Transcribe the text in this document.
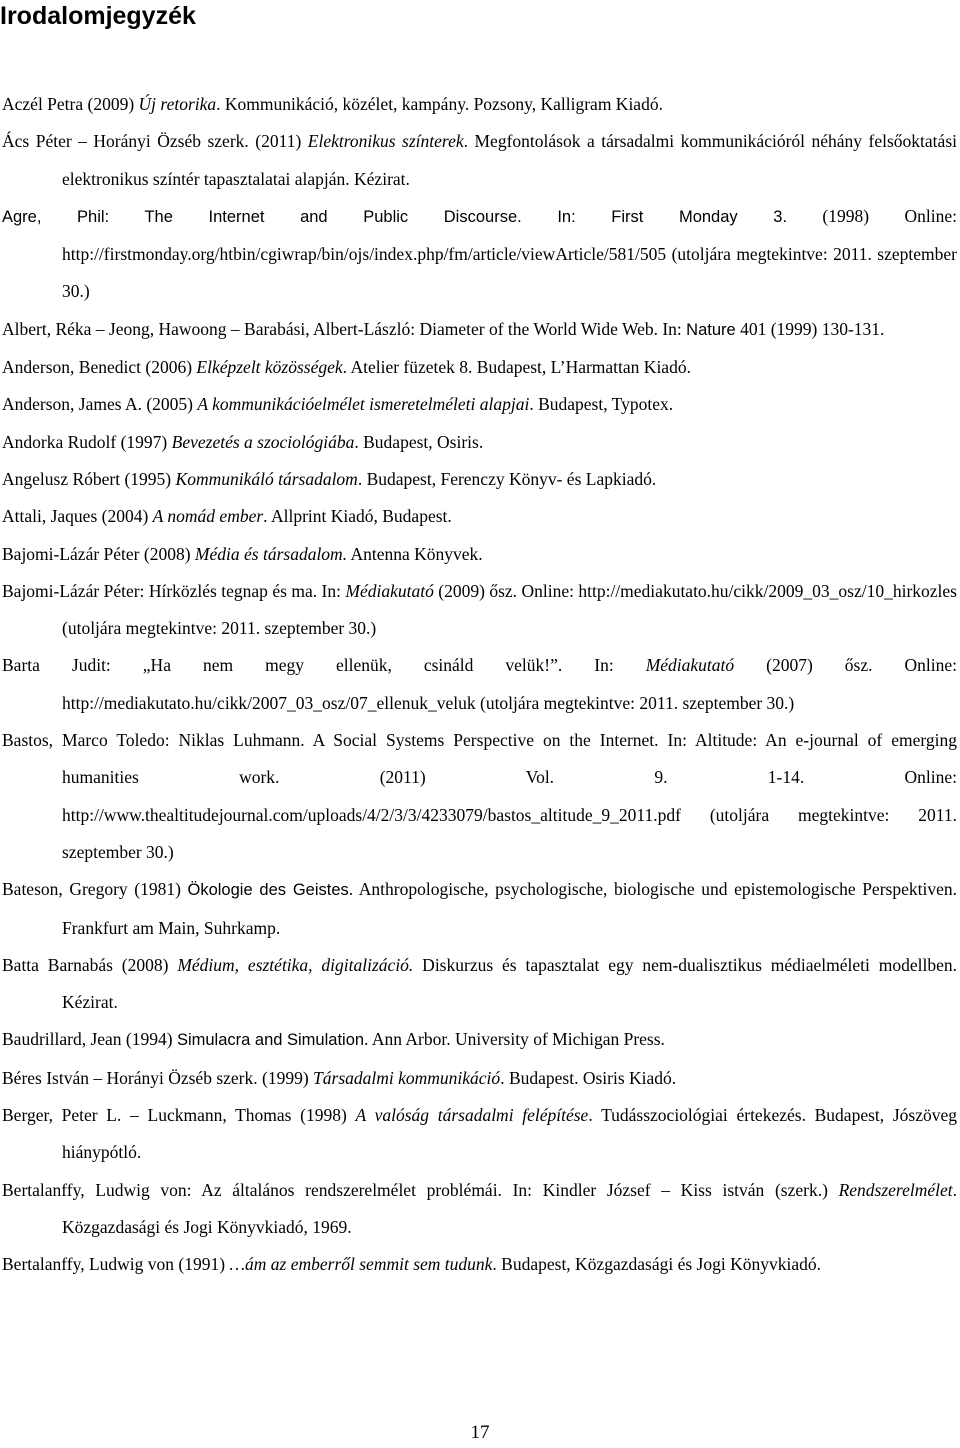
Irodalomjegyzék
Aczél Petra (2009) Új retorika. Kommunikáció, közélet, kampány. Pozsony, Kalligram Kiadó.
Ács Péter – Horányi Özséb szerk. (2011) Elektronikus színterek. Megfontolások a társadalmi kommunikációról néhány felsőoktatási elektronikus színtér tapasztalatai alapján. Kézirat.
Agre, Phil: The Internet and Public Discourse. In: First Monday 3. (1998) Online: http://firstmonday.org/htbin/cgiwrap/bin/ojs/index.php/fm/article/viewArticle/581/505 (utoljára megtekintve: 2011. szeptember 30.)
Albert, Réka – Jeong, Hawoong – Barabási, Albert-László: Diameter of the World Wide Web. In: Nature 401 (1999) 130-131.
Anderson, Benedict (2006) Elképzelt közösségek. Atelier füzetek 8. Budapest, L’Harmattan Kiadó.
Anderson, James A. (2005) A kommunikációelmélet ismeretelméleti alapjai. Budapest, Typotex.
Andorka Rudolf (1997) Bevezetés a szociológiába. Budapest, Osiris.
Angelusz Róbert (1995) Kommunikáló társadalom. Budapest, Ferenczy Könyv- és Lapkiadó.
Attali, Jaques (2004) A nomád ember. Allprint Kiadó, Budapest.
Bajomi-Lázár Péter (2008) Média és társadalom. Antenna Könyvek.
Bajomi-Lázár Péter: Hírközlés tegnap és ma. In: Médiakutató (2009) ősz. Online: http://mediakutato.hu/cikk/2009_03_osz/10_hirkozles (utoljára megtekintve: 2011. szeptember 30.)
Barta Judit: „Ha nem megy ellenük, csináld velük!”. In: Médiakutató (2007) ősz. Online: http://mediakutato.hu/cikk/2007_03_osz/07_ellenuk_veluk (utoljára megtekintve: 2011. szeptember 30.)
Bastos, Marco Toledo: Niklas Luhmann. A Social Systems Perspective on the Internet. In: Altitude: An e-journal of emerging humanities work. (2011) Vol. 9. 1-14. Online: http://www.thealtitudejournal.com/uploads/4/2/3/3/4233079/bastos_altitude_9_2011.pdf (utoljára megtekintve: 2011. szeptember 30.)
Bateson, Gregory (1981) Ökologie des Geistes. Anthropologische, psychologische, biologische und epistemologische Perspektiven. Frankfurt am Main, Suhrkamp.
Batta Barnabás (2008) Médium, esztétika, digitalizáció. Diskurzus és tapasztalat egy nem-dualisztikus médiaelméleti modellben. Kézirat.
Baudrillard, Jean (1994) Simulacra and Simulation. Ann Arbor. University of Michigan Press.
Béres István – Horányi Özséb szerk. (1999) Társadalmi kommunikáció. Budapest. Osiris Kiadó.
Berger, Peter L. – Luckmann, Thomas (1998) A valóság társadalmi felépítése. Tudásszociológiai értekezés. Budapest, Jószöveg hiánypótló.
Bertalanffy, Ludwig von: Az általános rendszerelmélet problémái. In: Kindler József – Kiss istván (szerk.) Rendszerelmélet. Közgazdasági és Jogi Könyvkiadó, 1969.
Bertalanffy, Ludwig von (1991) …ám az emberről semmit sem tudunk. Budapest, Közgazdasági és Jogi Könyvkiadó.
17
